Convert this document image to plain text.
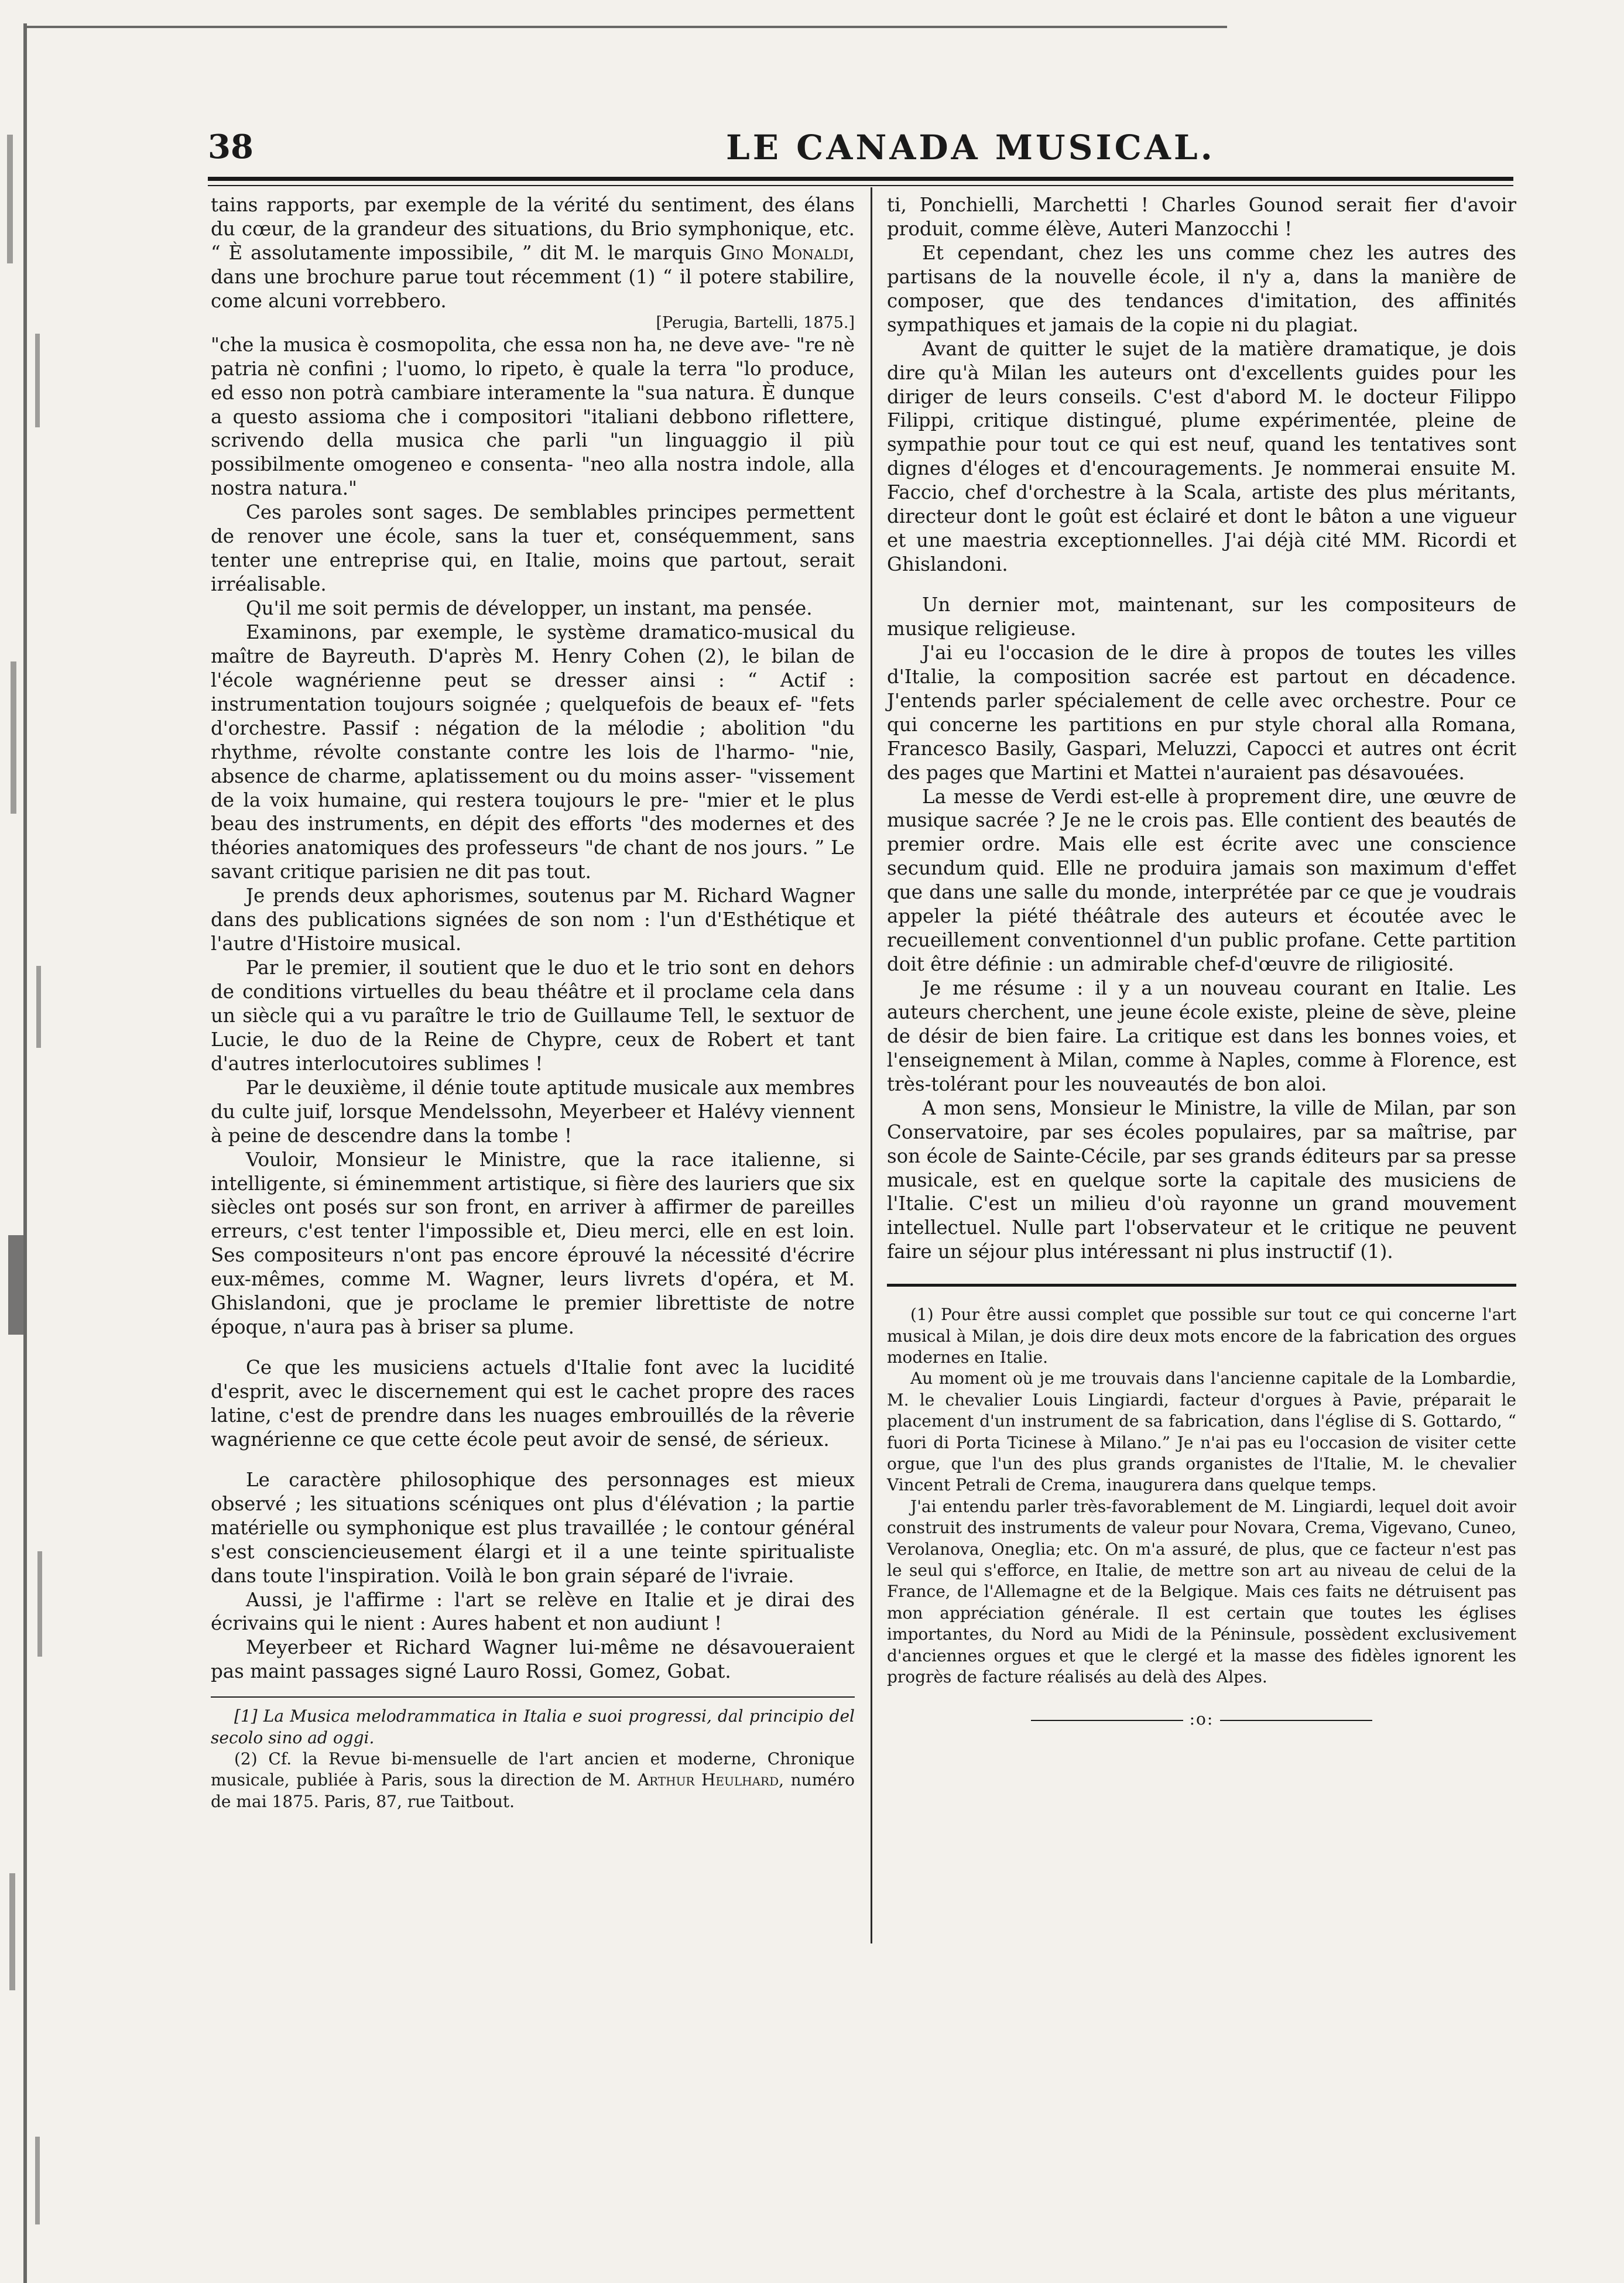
38	LE CANADA MUSICAL.

tains rapports, par exemple de la vérité du sentiment, des élans du cœur, de la grandeur des situations, du Brio symphonique, etc. “ È assolutamente impossibile, ” dit M. le marquis Gino Monaldi, dans une brochure parue tout récemment (1) “ il potere stabilire, come alcuni vorrebbero.

[Perugia, Bartelli, 1875.]

"che la musica è cosmopolita, che essa non ha, ne deve ave- "re nè patria nè confini ; l'uomo, lo ripeto, è quale la terra "lo produce, ed esso non potrà cambiare interamente la "sua natura. È dunque a questo assioma che i compositori "italiani debbono riflettere, scrivendo della musica che parli "un linguaggio il più possibilmente omogeneo e consenta- "neo alla nostra indole, alla nostra natura."

Ces paroles sont sages. De semblables principes permettent de renover une école, sans la tuer et, conséquemment, sans tenter une entreprise qui, en Italie, moins que partout, serait irréalisable.

Qu'il me soit permis de développer, un instant, ma pensée.

Examinons, par exemple, le système dramatico-musical du maître de Bayreuth. D'après M. Henry Cohen (2), le bilan de l'école wagnérienne peut se dresser ainsi : “ Actif : instrumentation toujours soignée ; quelquefois de beaux ef- "fets d'orchestre. Passif : négation de la mélodie ; abolition "du rhythme, révolte constante contre les lois de l'harmo- "nie, absence de charme, aplatissement ou du moins asser- "vissement de la voix humaine, qui restera toujours le pre- "mier et le plus beau des instruments, en dépit des efforts "des modernes et des théories anatomiques des professeurs "de chant de nos jours. ” Le savant critique parisien ne dit pas tout.

Je prends deux aphorismes, soutenus par M. Richard Wagner dans des publications signées de son nom : l'un d'Esthétique et l'autre d'Histoire musical.

Par le premier, il soutient que le duo et le trio sont en dehors de conditions virtuelles du beau théâtre et il proclame cela dans un siècle qui a vu paraître le trio de Guillaume Tell, le sextuor de Lucie, le duo de la Reine de Chypre, ceux de Robert et tant d'autres interlocutoires sublimes !

Par le deuxième, il dénie toute aptitude musicale aux membres du culte juif, lorsque Mendelssohn, Meyerbeer et Halévy viennent à peine de descendre dans la tombe !

Vouloir, Monsieur le Ministre, que la race italienne, si intelligente, si éminemment artistique, si fière des lauriers que six siècles ont posés sur son front, en arriver à affirmer de pareilles erreurs, c'est tenter l'impossible et, Dieu merci, elle en est loin. Ses compositeurs n'ont pas encore éprouvé la nécessité d'écrire eux-mêmes, comme M. Wagner, leurs livrets d'opéra, et M. Ghislandoni, que je proclame le premier librettiste de notre époque, n'aura pas à briser sa plume.

Ce que les musiciens actuels d'Italie font avec la lucidité d'esprit, avec le discernement qui est le cachet propre des races latine, c'est de prendre dans les nuages embrouillés de la rêverie wagnérienne ce que cette école peut avoir de sensé, de sérieux.

Le caractère philosophique des personnages est mieux observé ; les situations scéniques ont plus d'élévation ; la partie matérielle ou symphonique est plus travaillée ; le contour général s'est consciencieusement élargi et il a une teinte spiritualiste dans toute l'inspiration. Voilà le bon grain séparé de l'ivraie.

Aussi, je l'affirme : l'art se relève en Italie et je dirai des écrivains qui le nient : Aures habent et non audiunt !

Meyerbeer et Richard Wagner lui-même ne désavoueraient pas maint passages signé Lauro Rossi, Gomez, Gobat.

[1] La Musica melodrammatica in Italia e suoi progressi, dal principio del secolo sino ad oggi.

(2) Cf. la Revue bi-mensuelle de l'art ancien et moderne, Chronique musicale, publiée à Paris, sous la direction de M. Arthur Heulhard, numéro de mai 1875. Paris, 87, rue Taitbout.

ti, Ponchielli, Marchetti ! Charles Gounod serait fier d'avoir produit, comme élève, Auteri Manzocchi !

Et cependant, chez les uns comme chez les autres des partisans de la nouvelle école, il n'y a, dans la manière de composer, que des tendances d'imitation, des affinités sympathiques et jamais de la copie ni du plagiat.

Avant de quitter le sujet de la matière dramatique, je dois dire qu'à Milan les auteurs ont d'excellents guides pour les diriger de leurs conseils. C'est d'abord M. le docteur Filippo Filippi, critique distingué, plume expérimentée, pleine de sympathie pour tout ce qui est neuf, quand les tentatives sont dignes d'éloges et d'encouragements. Je nommerai ensuite M. Faccio, chef d'orchestre à la Scala, artiste des plus méritants, directeur dont le goût est éclairé et dont le bâton a une vigueur et une maestria exceptionnelles. J'ai déjà cité MM. Ricordi et Ghislandoni.

Un dernier mot, maintenant, sur les compositeurs de musique religieuse.

J'ai eu l'occasion de le dire à propos de toutes les villes d'Italie, la composition sacrée est partout en décadence. J'entends parler spécialement de celle avec orchestre. Pour ce qui concerne les partitions en pur style choral alla Romana, Francesco Basily, Gaspari, Meluzzi, Capocci et autres ont écrit des pages que Martini et Mattei n'auraient pas désavouées.

La messe de Verdi est-elle à proprement dire, une œuvre de musique sacrée ? Je ne le crois pas. Elle contient des beautés de premier ordre. Mais elle est écrite avec une conscience secundum quid. Elle ne produira jamais son maximum d'effet que dans une salle du monde, interprétée par ce que je voudrais appeler la piété théâtrale des auteurs et écoutée avec le recueillement conventionnel d'un public profane. Cette partition doit être définie : un admirable chef-d'œuvre de riligiosité.

Je me résume : il y a un nouveau courant en Italie. Les auteurs cherchent, une jeune école existe, pleine de sève, pleine de désir de bien faire. La critique est dans les bonnes voies, et l'enseignement à Milan, comme à Naples, comme à Florence, est très-tolérant pour les nouveautés de bon aloi.

A mon sens, Monsieur le Ministre, la ville de Milan, par son Conservatoire, par ses écoles populaires, par sa maîtrise, par son école de Sainte-Cécile, par ses grands éditeurs par sa presse musicale, est en quelque sorte la capitale des musiciens de l'Italie. C'est un milieu d'où rayonne un grand mouvement intellectuel. Nulle part l'observateur et le critique ne peuvent faire un séjour plus intéressant ni plus instructif (1).

(1) Pour être aussi complet que possible sur tout ce qui concerne l'art musical à Milan, je dois dire deux mots encore de la fabrication des orgues modernes en Italie.

Au moment où je me trouvais dans l'ancienne capitale de la Lombardie, M. le chevalier Louis Lingiardi, facteur d'orgues à Pavie, préparait le placement d'un instrument de sa fabrication, dans l'église di S. Gottardo, “ fuori di Porta Ticinese à Milano.” Je n'ai pas eu l'occasion de visiter cette orgue, que l'un des plus grands organistes de l'Italie, M. le chevalier Vincent Petrali de Crema, inaugurera dans quelque temps.

J'ai entendu parler très-favorablement de M. Lingiardi, lequel doit avoir construit des instruments de valeur pour Novara, Crema, Vigevano, Cuneo, Verolanova, Oneglia; etc. On m'a assuré, de plus, que ce facteur n'est pas le seul qui s'efforce, en Italie, de mettre son art au niveau de celui de la France, de l'Allemagne et de la Belgique. Mais ces faits ne détruisent pas mon appréciation générale. Il est certain que toutes les églises importantes, du Nord au Midi de la Péninsule, possèdent exclusivement d'anciennes orgues et que le clergé et la masse des fidèles ignorent les progrès de facture réalisés au delà des Alpes.

:o:
